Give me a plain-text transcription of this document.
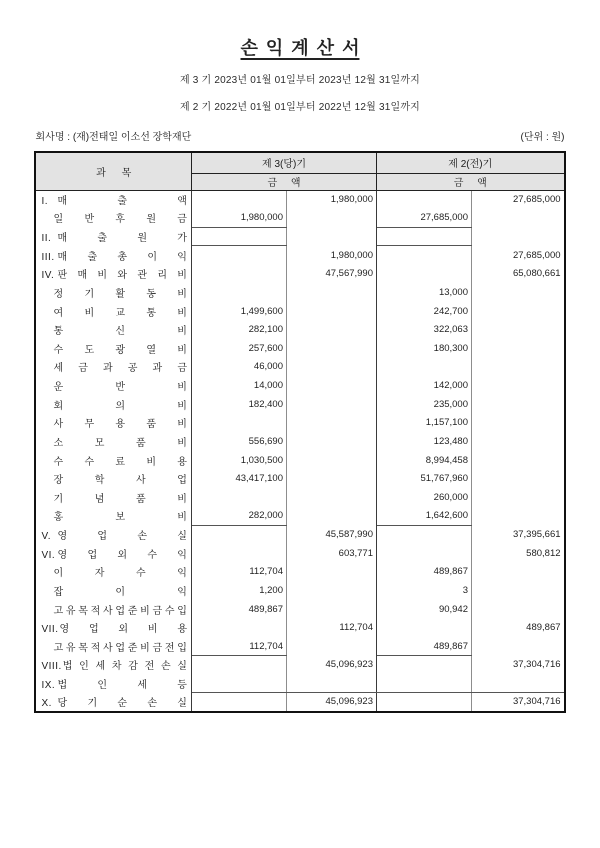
손 익 계 산 서
제 3 기 2023년 01월 01일부터 2023년 12월 31일까지
제 2 기 2022년 01월 01일부터 2022년 12월 31일까지
회사명 : (재)전태일 이소선 장학재단	(단위 : 원)
과 목	제 3(당)기		제 2(전)기	
	금 액		금 액	

I. 매 출 액		1,980,000		27,685,000

일 반 후 원 금	1,980,000		27,685,000	

II. 매 출 원 가				

III. 매 출 총 이 익		1,980,000		27,685,000

IV. 판 매 비 와 관 리 비		47,567,990		65,080,661

정 기 활 동 비			13,000	

여 비 교 통 비	1,499,600		242,700	

통 신 비	282,100		322,063	

수 도 광 열 비	257,600		180,300	

세 금 과 공 과 금	46,000			

운 반 비	14,000		142,000	

회 의 비	182,400		235,000	

사 무 용 품 비			1,157,100	

소 모 품 비	556,690		123,480	

수 수 료 비 용	1,030,500		8,994,458	

장 학 사 업	43,417,100		51,767,960	

기 념 품 비			260,000	

홍 보 비	282,000		1,642,600	

V. 영 업 손 실		45,587,990		37,395,661

VI. 영 업 외 수 익		603,771		580,812

이 자 수 익	112,704		489,867	

잡 이 익	1,200		3	

고 유 목 적 사 업 준 비 금 수 입	489,867		90,942	

VII. 영 업 외 비 용		112,704		489,867

고 유 목 적 사 업 준 비 금 전 입	112,704		489,867	

VIII. 법 인 세 차 감 전 손 실		45,096,923		37,304,716

IX. 법 인 세 등				

X. 당 기 순 손 실		45,096,923		37,304,716
